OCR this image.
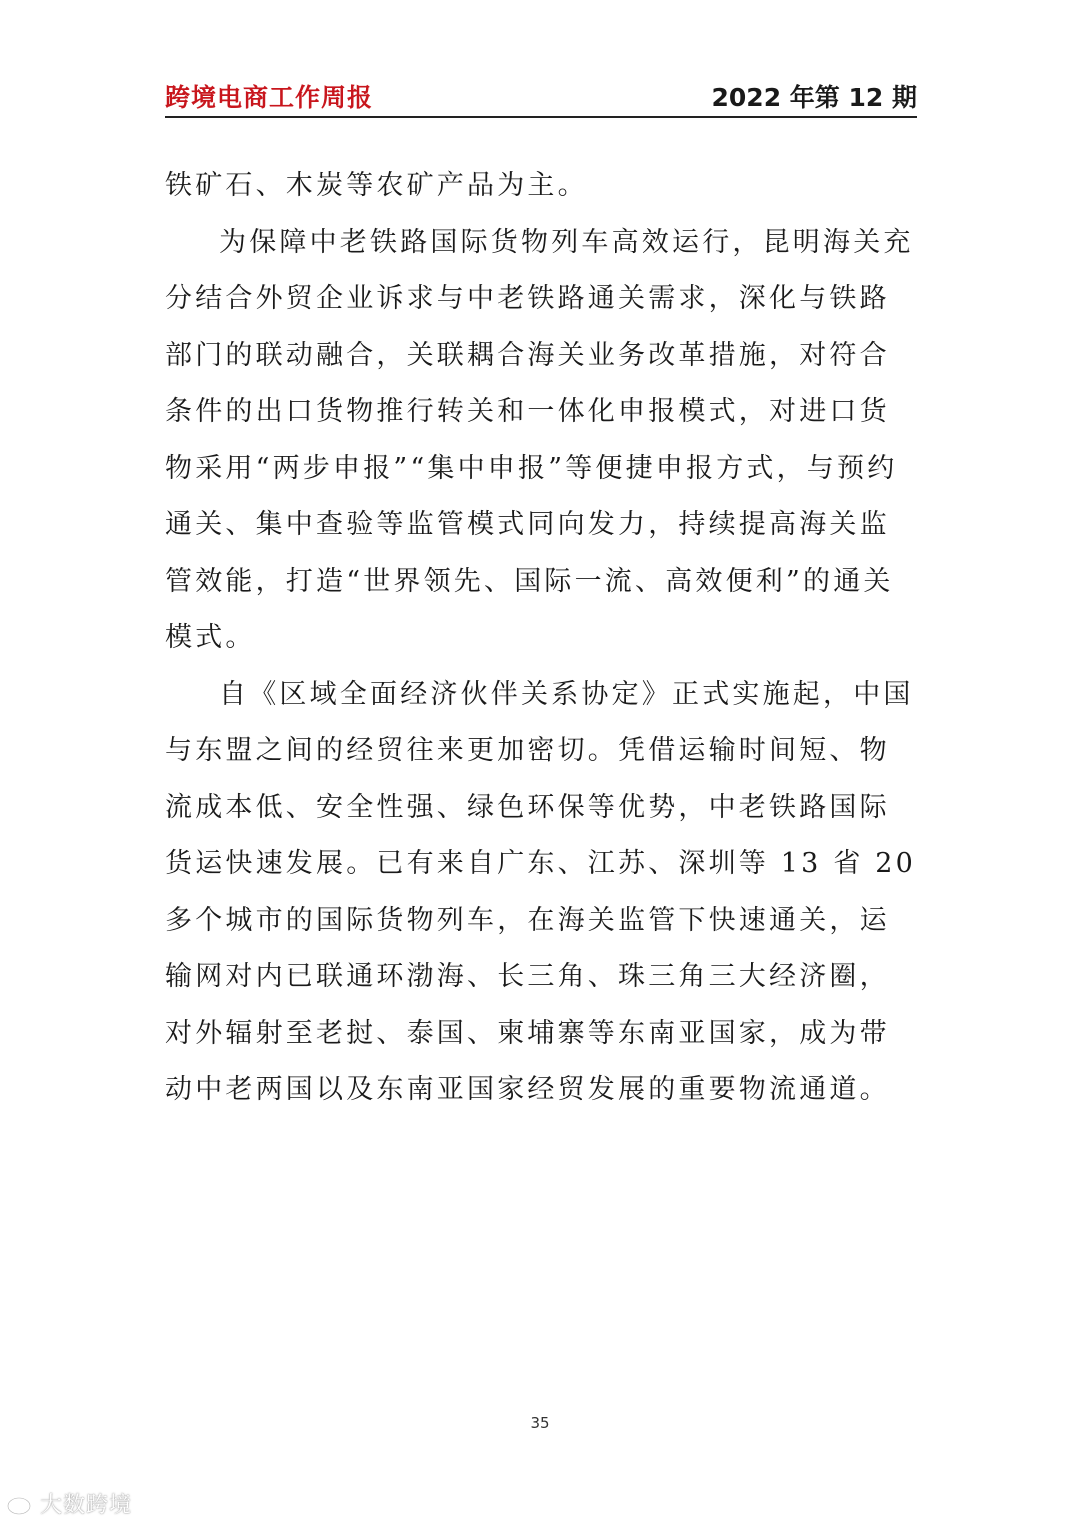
跨境电商工作周报	2022 年第 12 期

铁矿石、木炭等农矿产品为主。

为保障中老铁路国际货物列车高效运行，昆明海关充分结合外贸企业诉求与中老铁路通关需求，深化与铁路部门的联动融合，关联耦合海关业务改革措施，对符合条件的出口货物推行转关和一体化申报模式，对进口货物采用“两步申报”“集中申报”等便捷申报方式，与预约通关、集中查验等监管模式同向发力，持续提高海关监管效能，打造“世界领先、国际一流、高效便利”的通关模式。

自《区域全面经济伙伴关系协定》正式实施起，中国与东盟之间的经贸往来更加密切。凭借运输时间短、物流成本低、安全性强、绿色环保等优势，中老铁路国际货运快速发展。已有来自广东、江苏、深圳等 13 省 20 多个城市的国际货物列车，在海关监管下快速通关，运输网对内已联通环渤海、长三角、珠三角三大经济圈，对外辐射至老挝、泰国、柬埔寨等东南亚国家，成为带动中老两国以及东南亚国家经贸发展的重要物流通道。

35
大数跨境
